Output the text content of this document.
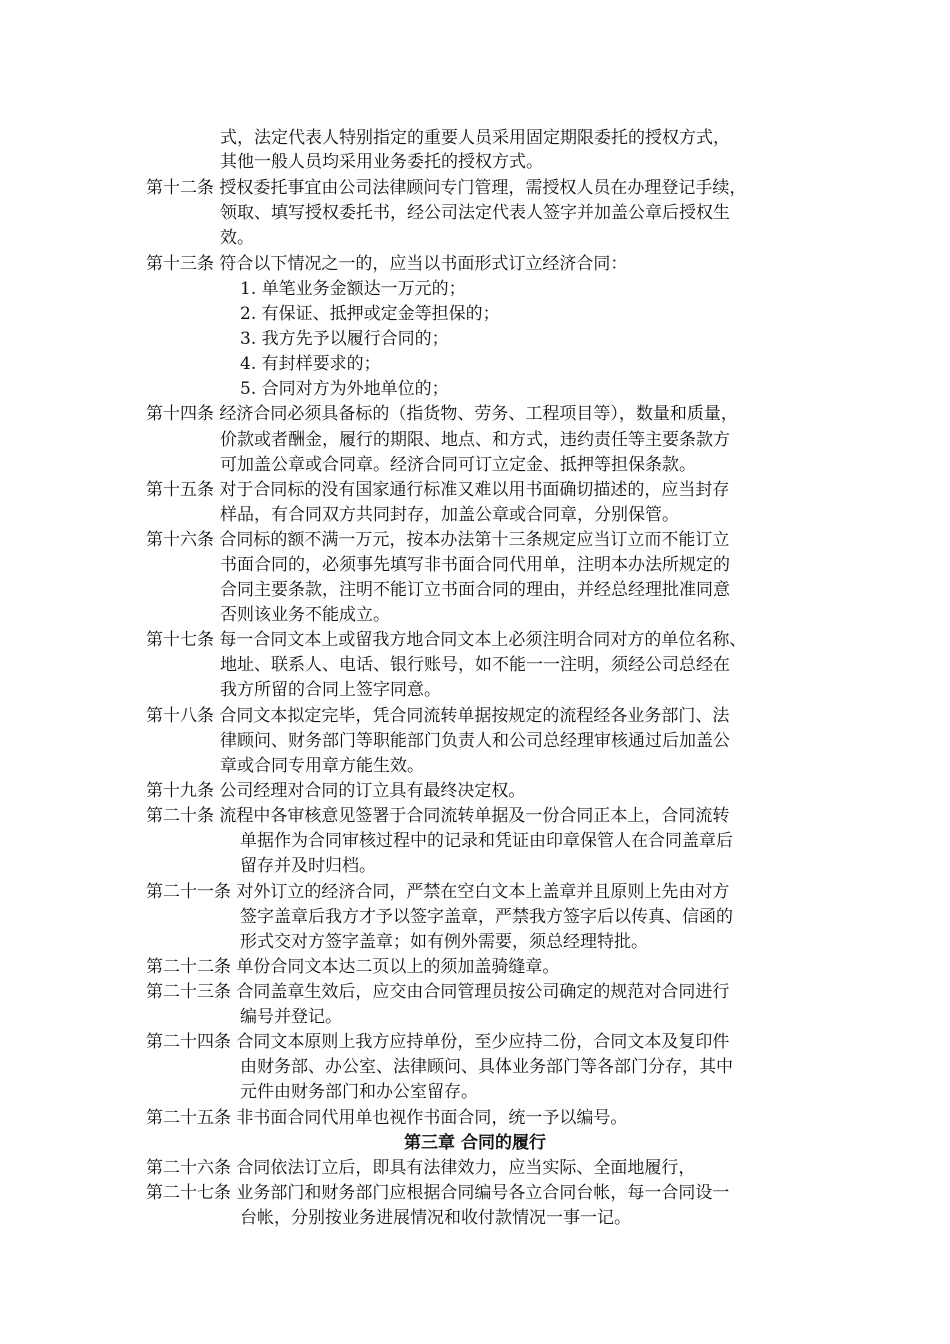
式，法定代表人特别指定的重要人员采用固定期限委托的授权方式，
其他一般人员均采用业务委托的授权方式。
第十二条 授权委托事宜由公司法律顾问专门管理，需授权人员在办理登记手续，
领取、填写授权委托书，经公司法定代表人签字并加盖公章后授权生
效。
第十三条 符合以下情况之一的，应当以书面形式订立经济合同：
1. 单笔业务金额达一万元的；
2. 有保证、抵押或定金等担保的；
3. 我方先予以履行合同的；
4. 有封样要求的；
5. 合同对方为外地单位的；
第十四条 经济合同必须具备标的（指货物、劳务、工程项目等），数量和质量，
价款或者酬金，履行的期限、地点、和方式，违约责任等主要条款方
可加盖公章或合同章。经济合同可订立定金、抵押等担保条款。
第十五条 对于合同标的没有国家通行标准又难以用书面确切描述的，应当封存
样品，有合同双方共同封存，加盖公章或合同章，分别保管。
第十六条 合同标的额不满一万元，按本办法第十三条规定应当订立而不能订立
书面合同的，必须事先填写非书面合同代用单，注明本办法所规定的
合同主要条款，注明不能订立书面合同的理由，并经总经理批准同意
否则该业务不能成立。
第十七条 每一合同文本上或留我方地合同文本上必须注明合同对方的单位名称、
地址、联系人、电话、银行账号，如不能一一注明，须经公司总经在
我方所留的合同上签字同意。
第十八条 合同文本拟定完毕，凭合同流转单据按规定的流程经各业务部门、法
律顾问、财务部门等职能部门负责人和公司总经理审核通过后加盖公
章或合同专用章方能生效。
第十九条 公司经理对合同的订立具有最终决定权。
第二十条 流程中各审核意见签署于合同流转单据及一份合同正本上，合同流转
单据作为合同审核过程中的记录和凭证由印章保管人在合同盖章后
留存并及时归档。
第二十一条 对外订立的经济合同，严禁在空白文本上盖章并且原则上先由对方
签字盖章后我方才予以签字盖章，严禁我方签字后以传真、信函的
形式交对方签字盖章；如有例外需要，须总经理特批。
第二十二条 单份合同文本达二页以上的须加盖骑缝章。
第二十三条 合同盖章生效后，应交由合同管理员按公司确定的规范对合同进行
编号并登记。
第二十四条 合同文本原则上我方应持单份，至少应持二份，合同文本及复印件
由财务部、办公室、法律顾问、具体业务部门等各部门分存，其中
元件由财务部门和办公室留存。
第二十五条 非书面合同代用单也视作书面合同，统一予以编号。
第三章 合同的履行
第二十六条 合同依法订立后，即具有法律效力，应当实际、全面地履行，
第二十七条 业务部门和财务部门应根据合同编号各立合同台帐，每一合同设一
台帐，分别按业务进展情况和收付款情况一事一记。
